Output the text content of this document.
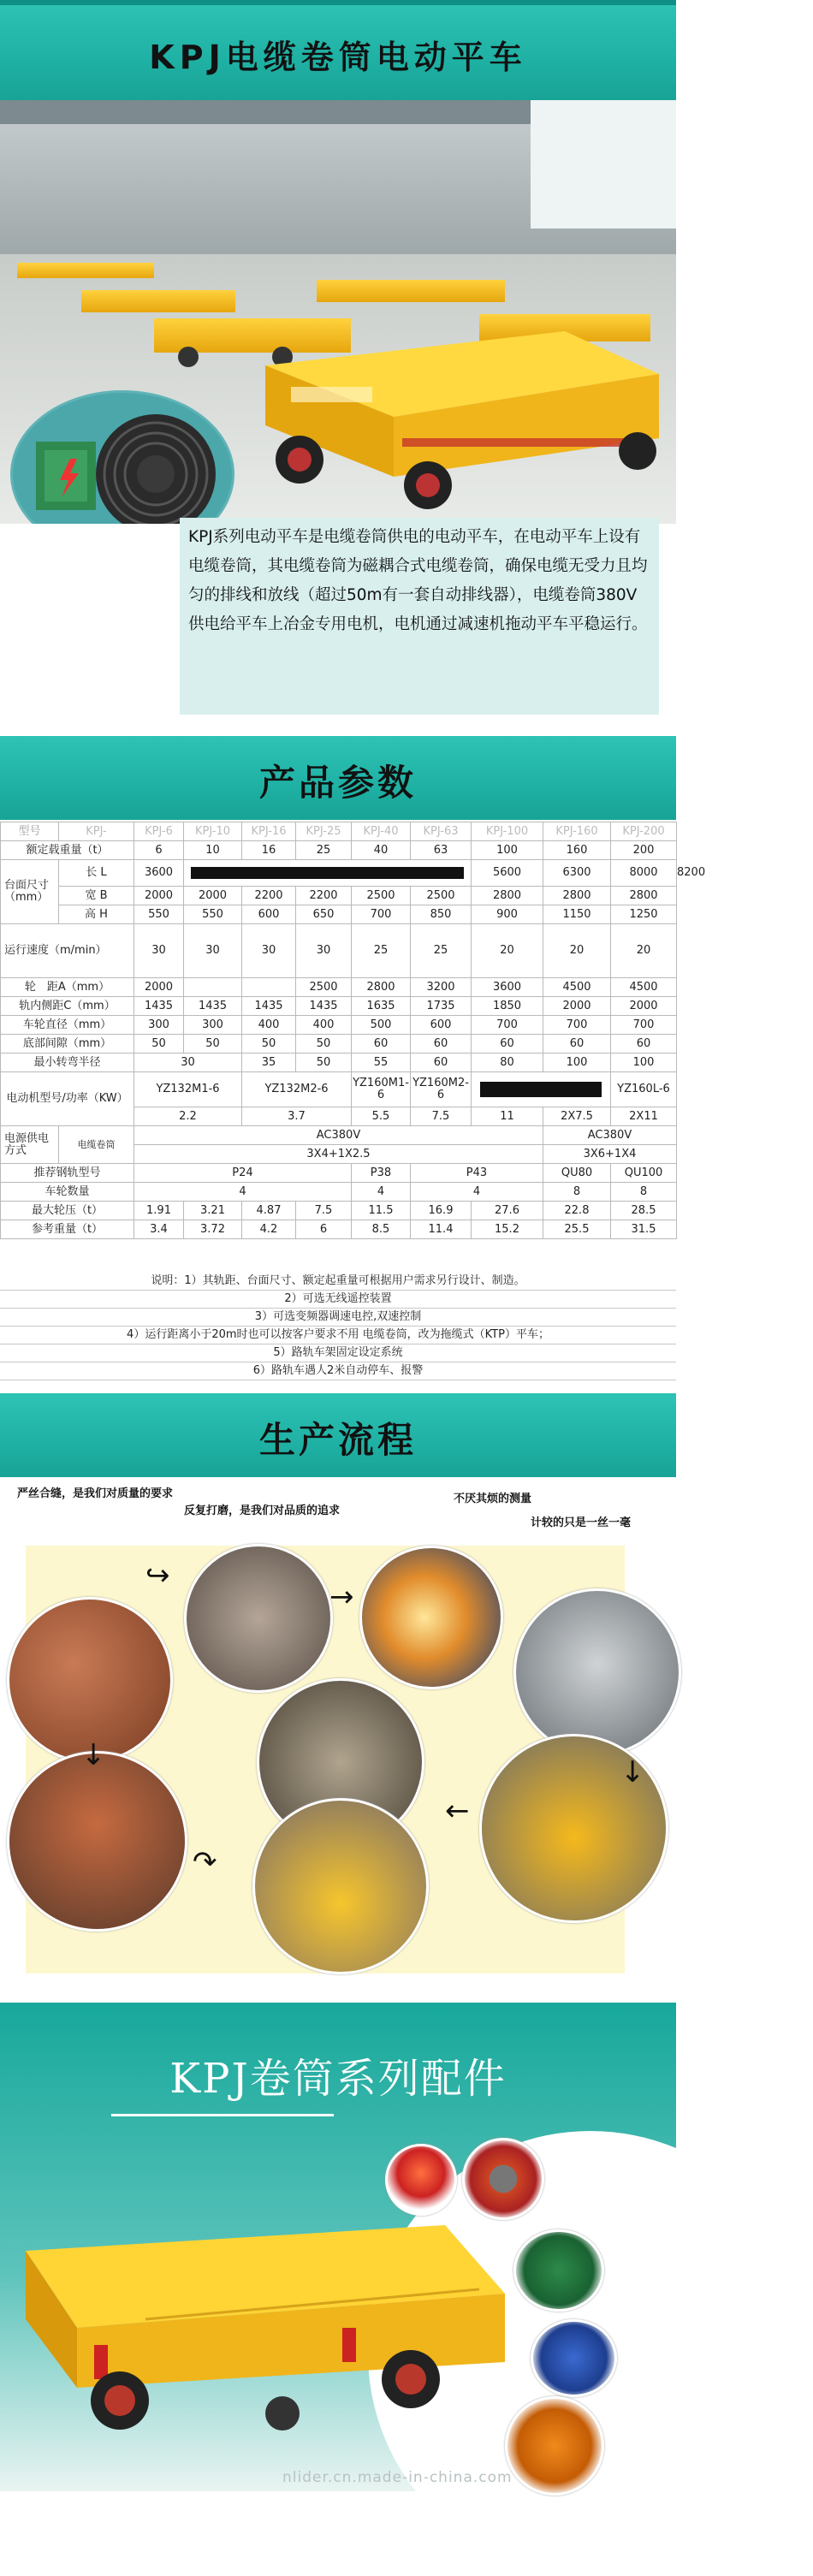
KPJ电缆卷筒电动平车
KPJ系列电动平车是电缆卷筒供电的电动平车，在电动平车上设有电缆卷筒，其电缆卷筒为磁耦合式电缆卷筒，确保电缆无受力且均匀的排线和放线（超过50m有一套自动排线器），电缆卷筒380V供电给平车上冶金专用电机，电机通过减速机拖动平车平稳运行。
产品参数
型号	KPJ-	KPJ-6	KPJ-10	KPJ-16	KPJ-25	KPJ-40	KPJ-63	KPJ-100	KPJ-160	KPJ-200	
额定载重量（t）		6	10	16	25	40	63	100	160	200	
台面尺寸（mm）	长 L	3600						5600	6300	8000	8200
	宽 B	2000	2000	2200	2200	2500	2500	2800	2800	2800	
	高 H	550	550	600	650	700	850	900	1150	1250	
运行速度（m/min）		30	30	30	30	25	25	20	20	20	
轮　距A（mm）		2000			2500	2800	3200	3600	4500	4500	
轨内侧距C（mm）		1435	1435	1435	1435	1635	1735	1850	2000	2000	
车轮直径（mm）		300	300	400	400	500	600	700	700	700	
底部间隙（mm）		50	50	50	50	60	60	60	60	60	
最小转弯半径		30		35	50	55	60	80	100	100	
电动机型号/功率（KW）		YZ132M1-6		YZ132M2-6		YZ160M1-6	YZ160M2-6			YZ160L-6	
		2.2		3.7		5.5	7.5	11	2X7.5	2X11	
电源供电方式	电缆卷筒	AC380V							AC380V		
		3X4+1X2.5							3X6+1X4		
推荐钢轨型号		P24				P38	P43		QU80	QU100	
车轮数量		4				4	4		8	8	
最大轮压（t）		1.91	3.21	4.87	7.5	11.5	16.9	27.6	22.8	28.5	
参考重量（t）		3.4	3.72	4.2	6	8.5	11.4	15.2	25.5	31.5	
说明：1）其轨距、台面尺寸、额定起重量可根据用户需求另行设计、制造。
2）可选无线遥控装置
3）可选变频器调速电控,双速控制
4）运行距离小于20m时也可以按客户要求不用 电缆卷筒，改为拖缆式（KTP）平车；
5）路轨车架固定设定系统
6）路轨车遇人2米自动停车、报警
生产流程
严丝合缝，是我们对质量的要求
反复打磨，是我们对品质的追求
不厌其烦的测量
计较的只是一丝一毫
↪
→
↓
←
↷
↓
KPJ卷筒系列配件
nlider.cn.made-in-china.com
